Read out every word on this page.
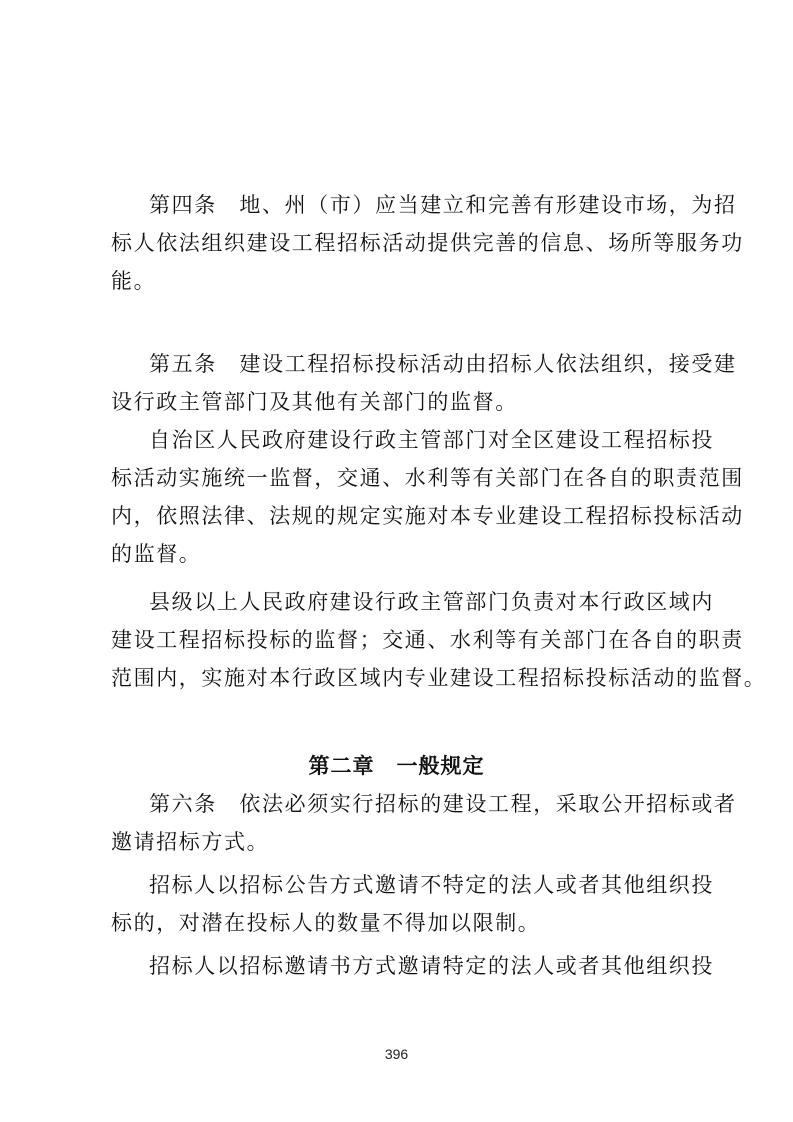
第四条　地、州（市）应当建立和完善有形建设市场，为招
标人依法组织建设工程招标活动提供完善的信息、场所等服务功
能。
第五条　建设工程招标投标活动由招标人依法组织，接受建
设行政主管部门及其他有关部门的监督。
自治区人民政府建设行政主管部门对全区建设工程招标投
标活动实施统一监督，交通、水利等有关部门在各自的职责范围
内，依照法律、法规的规定实施对本专业建设工程招标投标活动
的监督。
县级以上人民政府建设行政主管部门负责对本行政区域内
建设工程招标投标的监督；交通、水利等有关部门在各自的职责
范围内，实施对本行政区域内专业建设工程招标投标活动的监督。
第二章　一般规定
第六条　依法必须实行招标的建设工程，采取公开招标或者
邀请招标方式。
招标人以招标公告方式邀请不特定的法人或者其他组织投
标的，对潜在投标人的数量不得加以限制。
招标人以招标邀请书方式邀请特定的法人或者其他组织投
396
